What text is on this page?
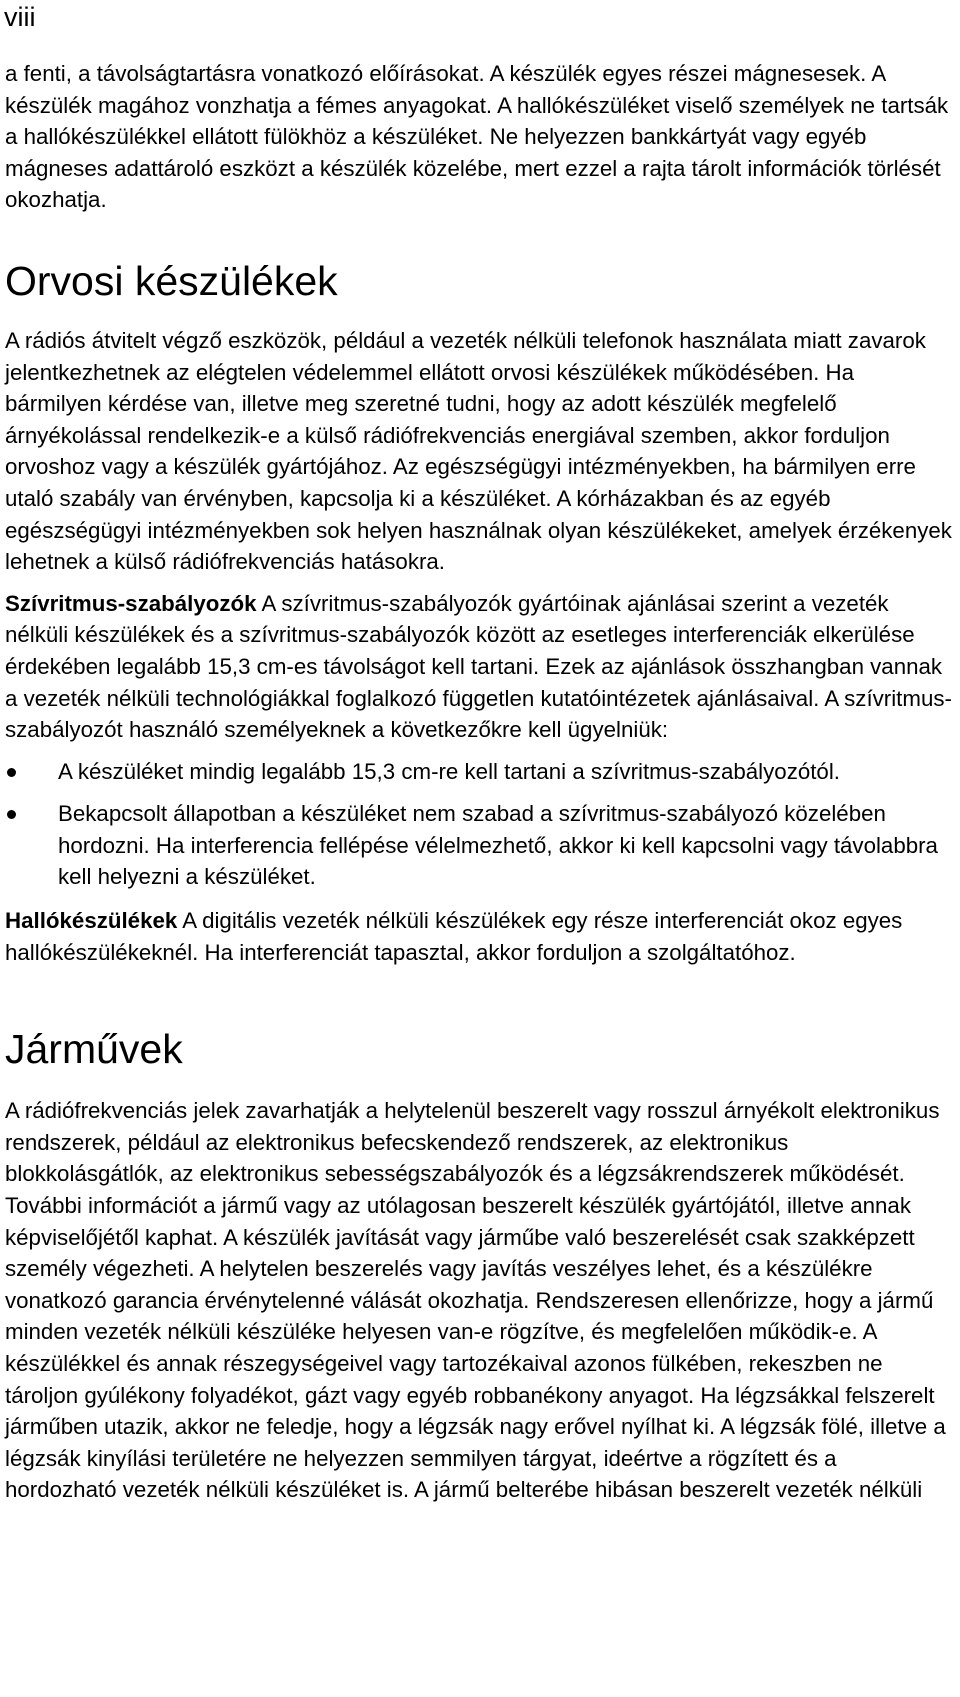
viii

a fenti, a távolságtartásra vonatkozó előírásokat. A készülék egyes részei mágnesesek. A készülék magához vonzhatja a fémes anyagokat. A hallókészüléket viselő személyek ne tartsák a hallókészülékkel ellátott fülökhöz a készüléket. Ne helyezzen bankkártyát vagy egyéb mágneses adattároló eszközt a készülék közelébe, mert ezzel a rajta tárolt információk törlését okozhatja.

Orvosi készülékek

A rádiós átvitelt végző eszközök, például a vezeték nélküli telefonok használata miatt zavarok jelentkezhetnek az elégtelen védelemmel ellátott orvosi készülékek működésében. Ha bármilyen kérdése van, illetve meg szeretné tudni, hogy az adott készülék megfelelő árnyékolással rendelkezik-e a külső rádiófrekvenciás energiával szemben, akkor forduljon orvoshoz vagy a készülék gyártójához. Az egészségügyi intézményekben, ha bármilyen erre utaló szabály van érvényben, kapcsolja ki a készüléket. A kórházakban és az egyéb egészségügyi intézményekben sok helyen használnak olyan készülékeket, amelyek érzékenyek lehetnek a külső rádiófrekvenciás hatásokra.

Szívritmus-szabályozók A szívritmus-szabályozók gyártóinak ajánlásai szerint a vezeték nélküli készülékek és a szívritmus-szabályozók között az esetleges interferenciák elkerülése érdekében legalább 15,3 cm-es távolságot kell tartani. Ezek az ajánlások összhangban vannak a vezeték nélküli technológiákkal foglalkozó független kutatóintézetek ajánlásaival. A szívritmus-szabályozót használó személyeknek a következőkre kell ügyelniük:

A készüléket mindig legalább 15,3 cm-re kell tartani a szívritmus-szabályozótól.
Bekapcsolt állapotban a készüléket nem szabad a szívritmus-szabályozó közelében hordozni. Ha interferencia fellépése vélelmezhető, akkor ki kell kapcsolni vagy távolabbra kell helyezni a készüléket.

Hallókészülékek A digitális vezeték nélküli készülékek egy része interferenciát okoz egyes hallókészülékeknél. Ha interferenciát tapasztal, akkor forduljon a szolgáltatóhoz.

Járművek

A rádiófrekvenciás jelek zavarhatják a helytelenül beszerelt vagy rosszul árnyékolt elektronikus rendszerek, például az elektronikus befecskendező rendszerek, az elektronikus blokkolásgátlók, az elektronikus sebességszabályozók és a légzsákrendszerek működését. További információt a jármű vagy az utólagosan beszerelt készülék gyártójától, illetve annak képviselőjétől kaphat. A készülék javítását vagy járműbe való beszerelését csak szakképzett személy végezheti. A helytelen beszerelés vagy javítás veszélyes lehet, és a készülékre vonatkozó garancia érvénytelenné válását okozhatja. Rendszeresen ellenőrizze, hogy a jármű minden vezeték nélküli készüléke helyesen van-e rögzítve, és megfelelően működik-e. A készülékkel és annak részegységeivel vagy tartozékaival azonos fülkében, rekeszben ne tároljon gyúlékony folyadékot, gázt vagy egyéb robbanékony anyagot. Ha légzsákkal felszerelt járműben utazik, akkor ne feledje, hogy a légzsák nagy erővel nyílhat ki. A légzsák fölé, illetve a légzsák kinyílási területére ne helyezzen semmilyen tárgyat, ideértve a rögzített és a hordozható vezeték nélküli készüléket is. A jármű belterébe hibásan beszerelt vezeték nélküli
